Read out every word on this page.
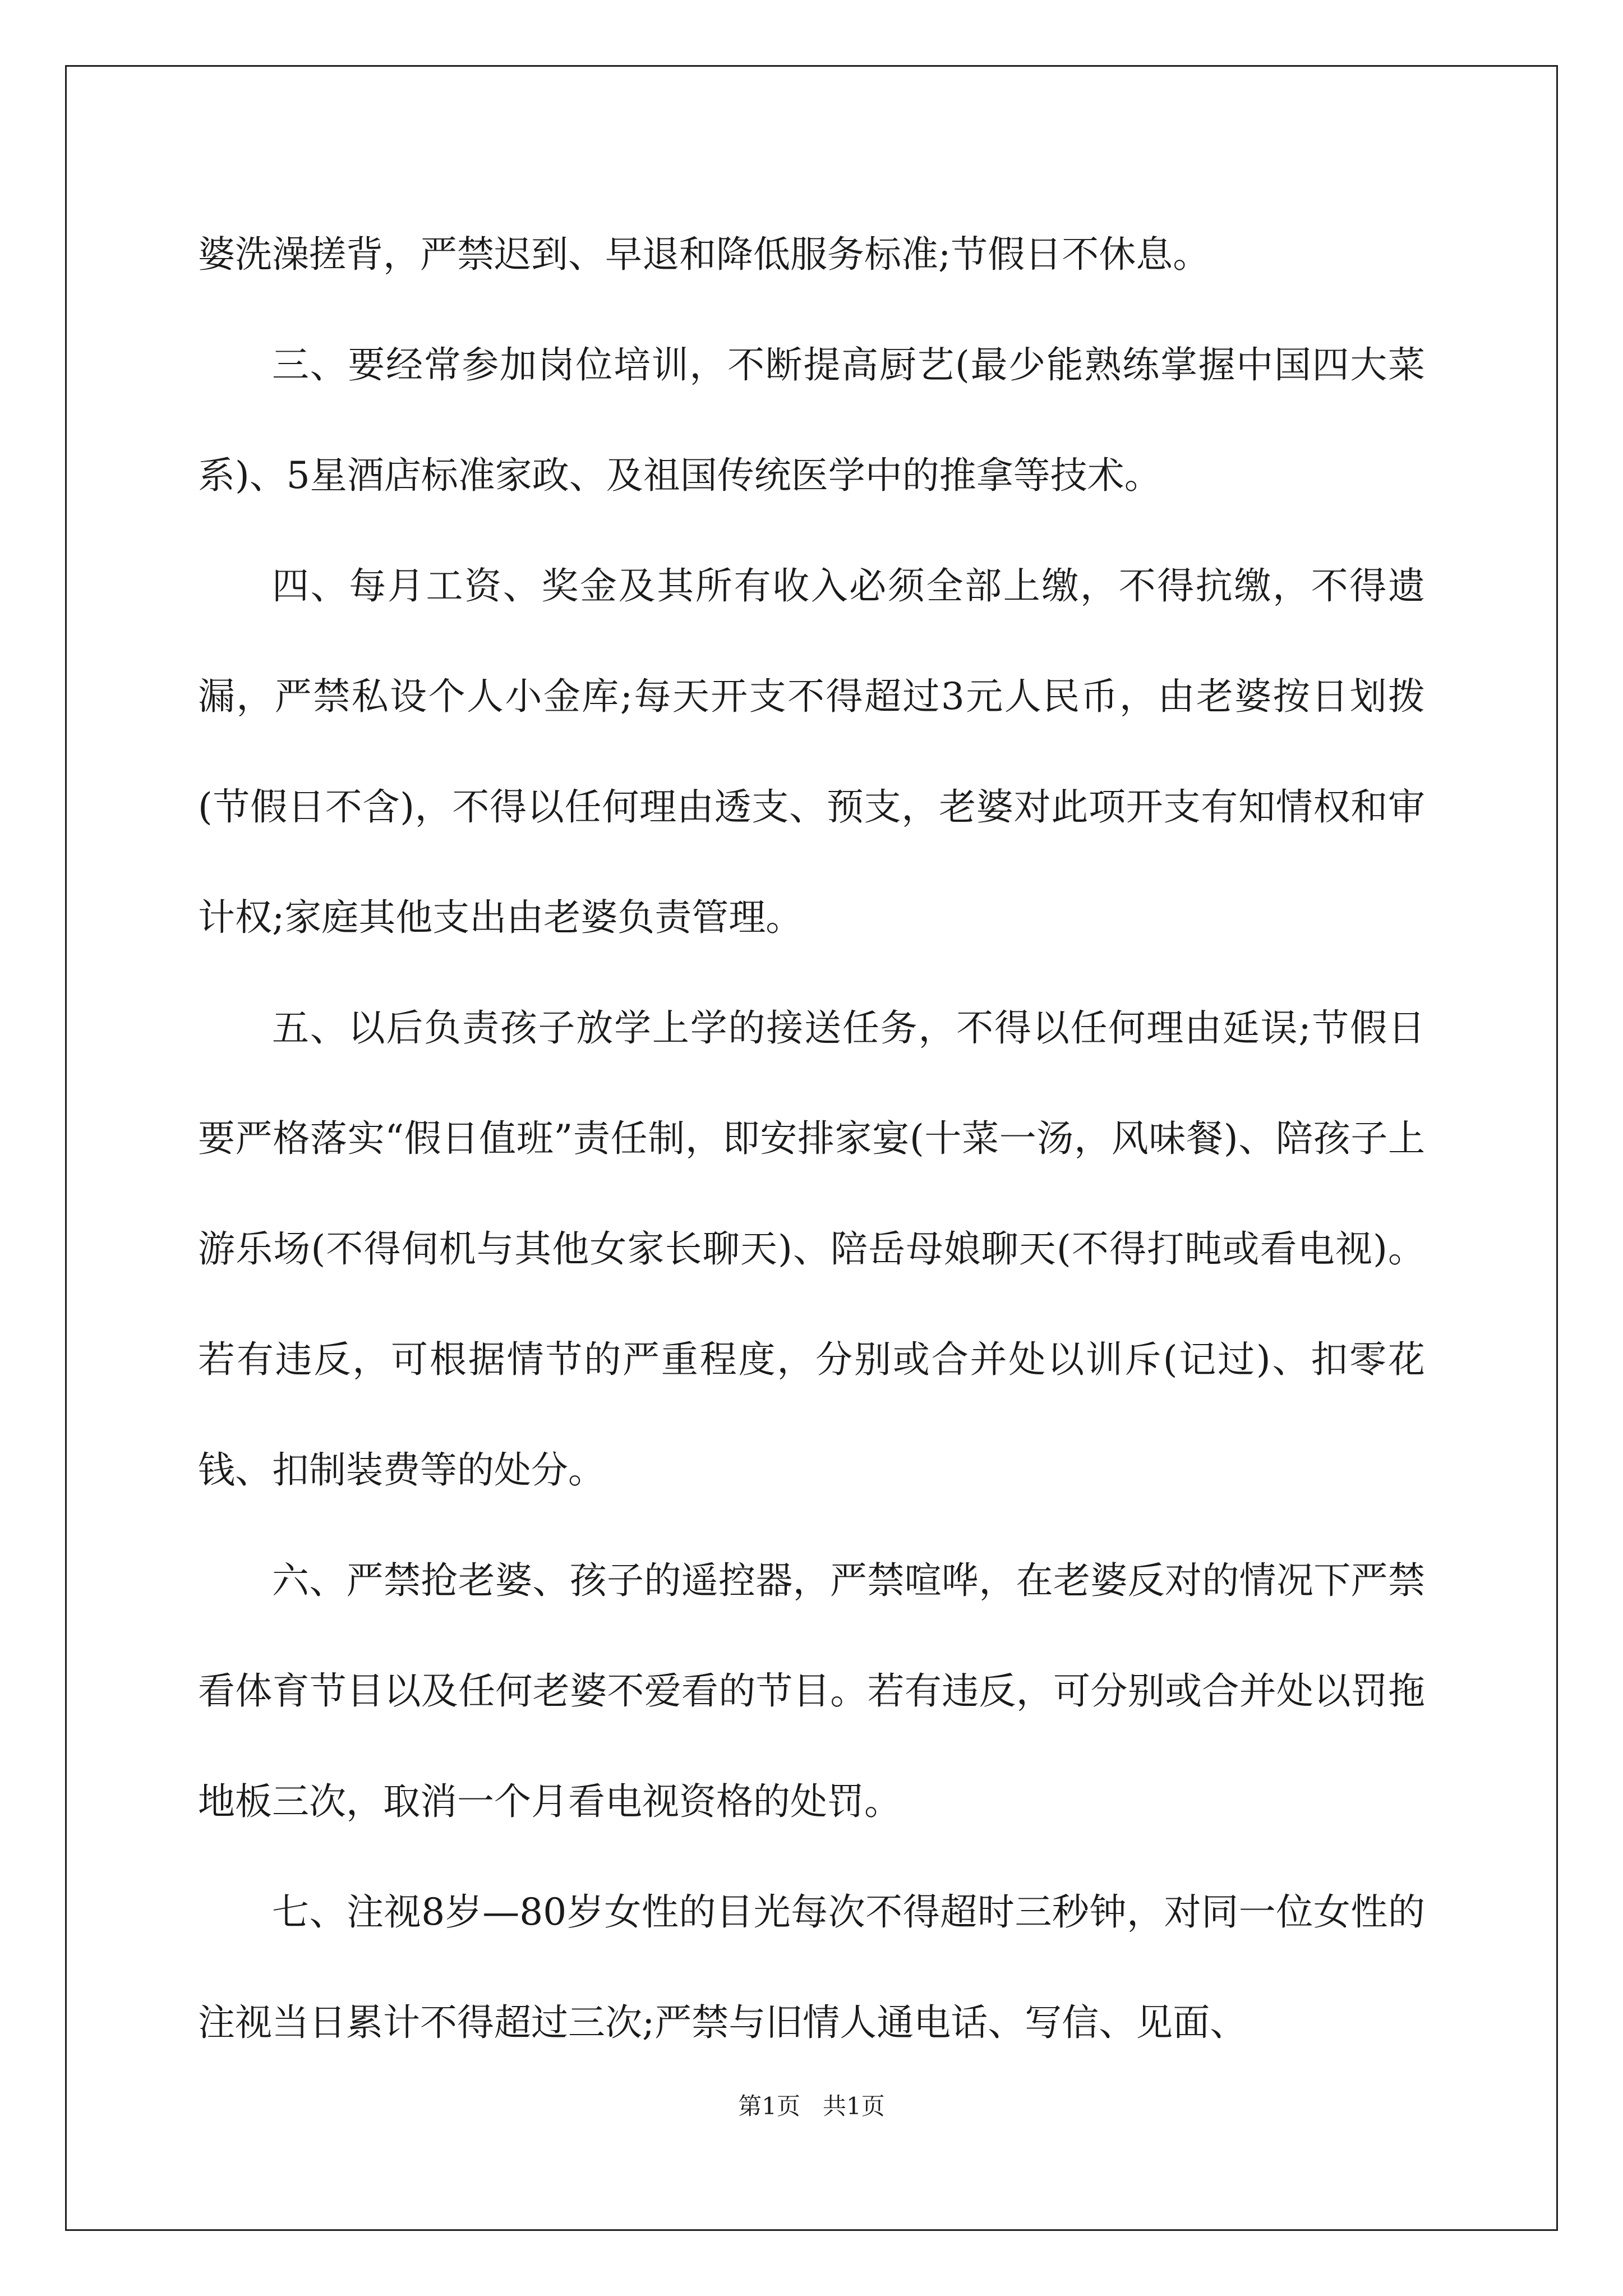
婆洗澡搓背，严禁迟到、早退和降低服务标准;节假日不休息。

三、要经常参加岗位培训，不断提高厨艺(最少能熟练掌握中国四大菜系)、5星酒店标准家政、及祖国传统医学中的推拿等技术。

四、每月工资、奖金及其所有收入必须全部上缴，不得抗缴，不得遗漏，严禁私设个人小金库;每天开支不得超过3元人民币，由老婆按日划拨(节假日不含)，不得以任何理由透支、预支，老婆对此项开支有知情权和审计权;家庭其他支出由老婆负责管理。

五、以后负责孩子放学上学的接送任务，不得以任何理由延误;节假日要严格落实“假日值班”责任制，即安排家宴(十菜一汤，风味餐)、陪孩子上游乐场(不得伺机与其他女家长聊天)、陪岳母娘聊天(不得打盹或看电视)。若有违反，可根据情节的严重程度，分别或合并处以训斥(记过)、扣零花钱、扣制装费等的处分。

六、严禁抢老婆、孩子的遥控器，严禁喧哗，在老婆反对的情况下严禁看体育节目以及任何老婆不爱看的节目。若有违反，可分别或合并处以罚拖地板三次，取消一个月看电视资格的处罚。

七、注视8岁—80岁女性的目光每次不得超时三秒钟，对同一位女性的注视当日累计不得超过三次;严禁与旧情人通电话、写信、见面、

第1页   共1页
